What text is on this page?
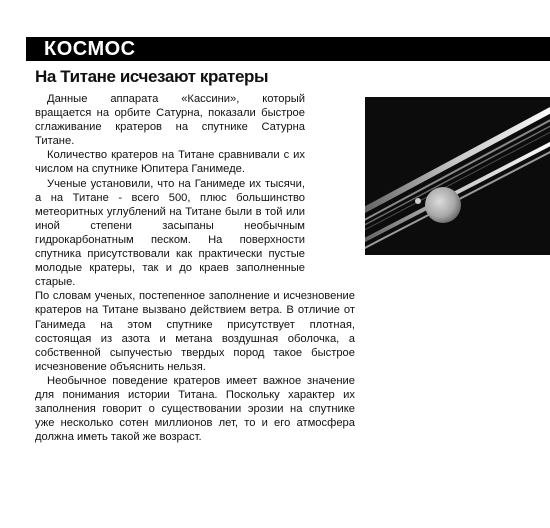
КОСМОС
На Титане исчезают кратеры

Данные аппарата «Кассини», который вращается на орбите Сатурна, показали быстрое сглаживание кратеров на спутнике Сатурна Титане.

Количество кратеров на Титане сравнивали с их числом на спутнике Юпитера Ганимеде.

Ученые установили, что на Ганимеде их тысячи, а на Титане - всего 500, плюс большинство метеоритных углублений на Титане были в той или иной степени засыпаны необычным гидрокарбонатным песком. На поверхности спутника присутствовали как практически пустые молодые кратеры, так и до краев заполненные старые.

По словам ученых, постепенное заполнение и исчезновение кратеров на Титане вызвано действием ветра. В отличие от Ганимеда на этом спутнике присутствует плотная, состоящая из азота и метана воздушная оболочка, а собственной сыпучестью твердых пород такое быстрое исчезновение объяснить нельзя.

Необычное поведение кратеров имеет важное значение для понимания истории Титана. Поскольку характер их заполнения говорит о существовании эрозии на спутнике уже несколько сотен миллионов лет, то и его атмосфера должна иметь такой же возраст.
